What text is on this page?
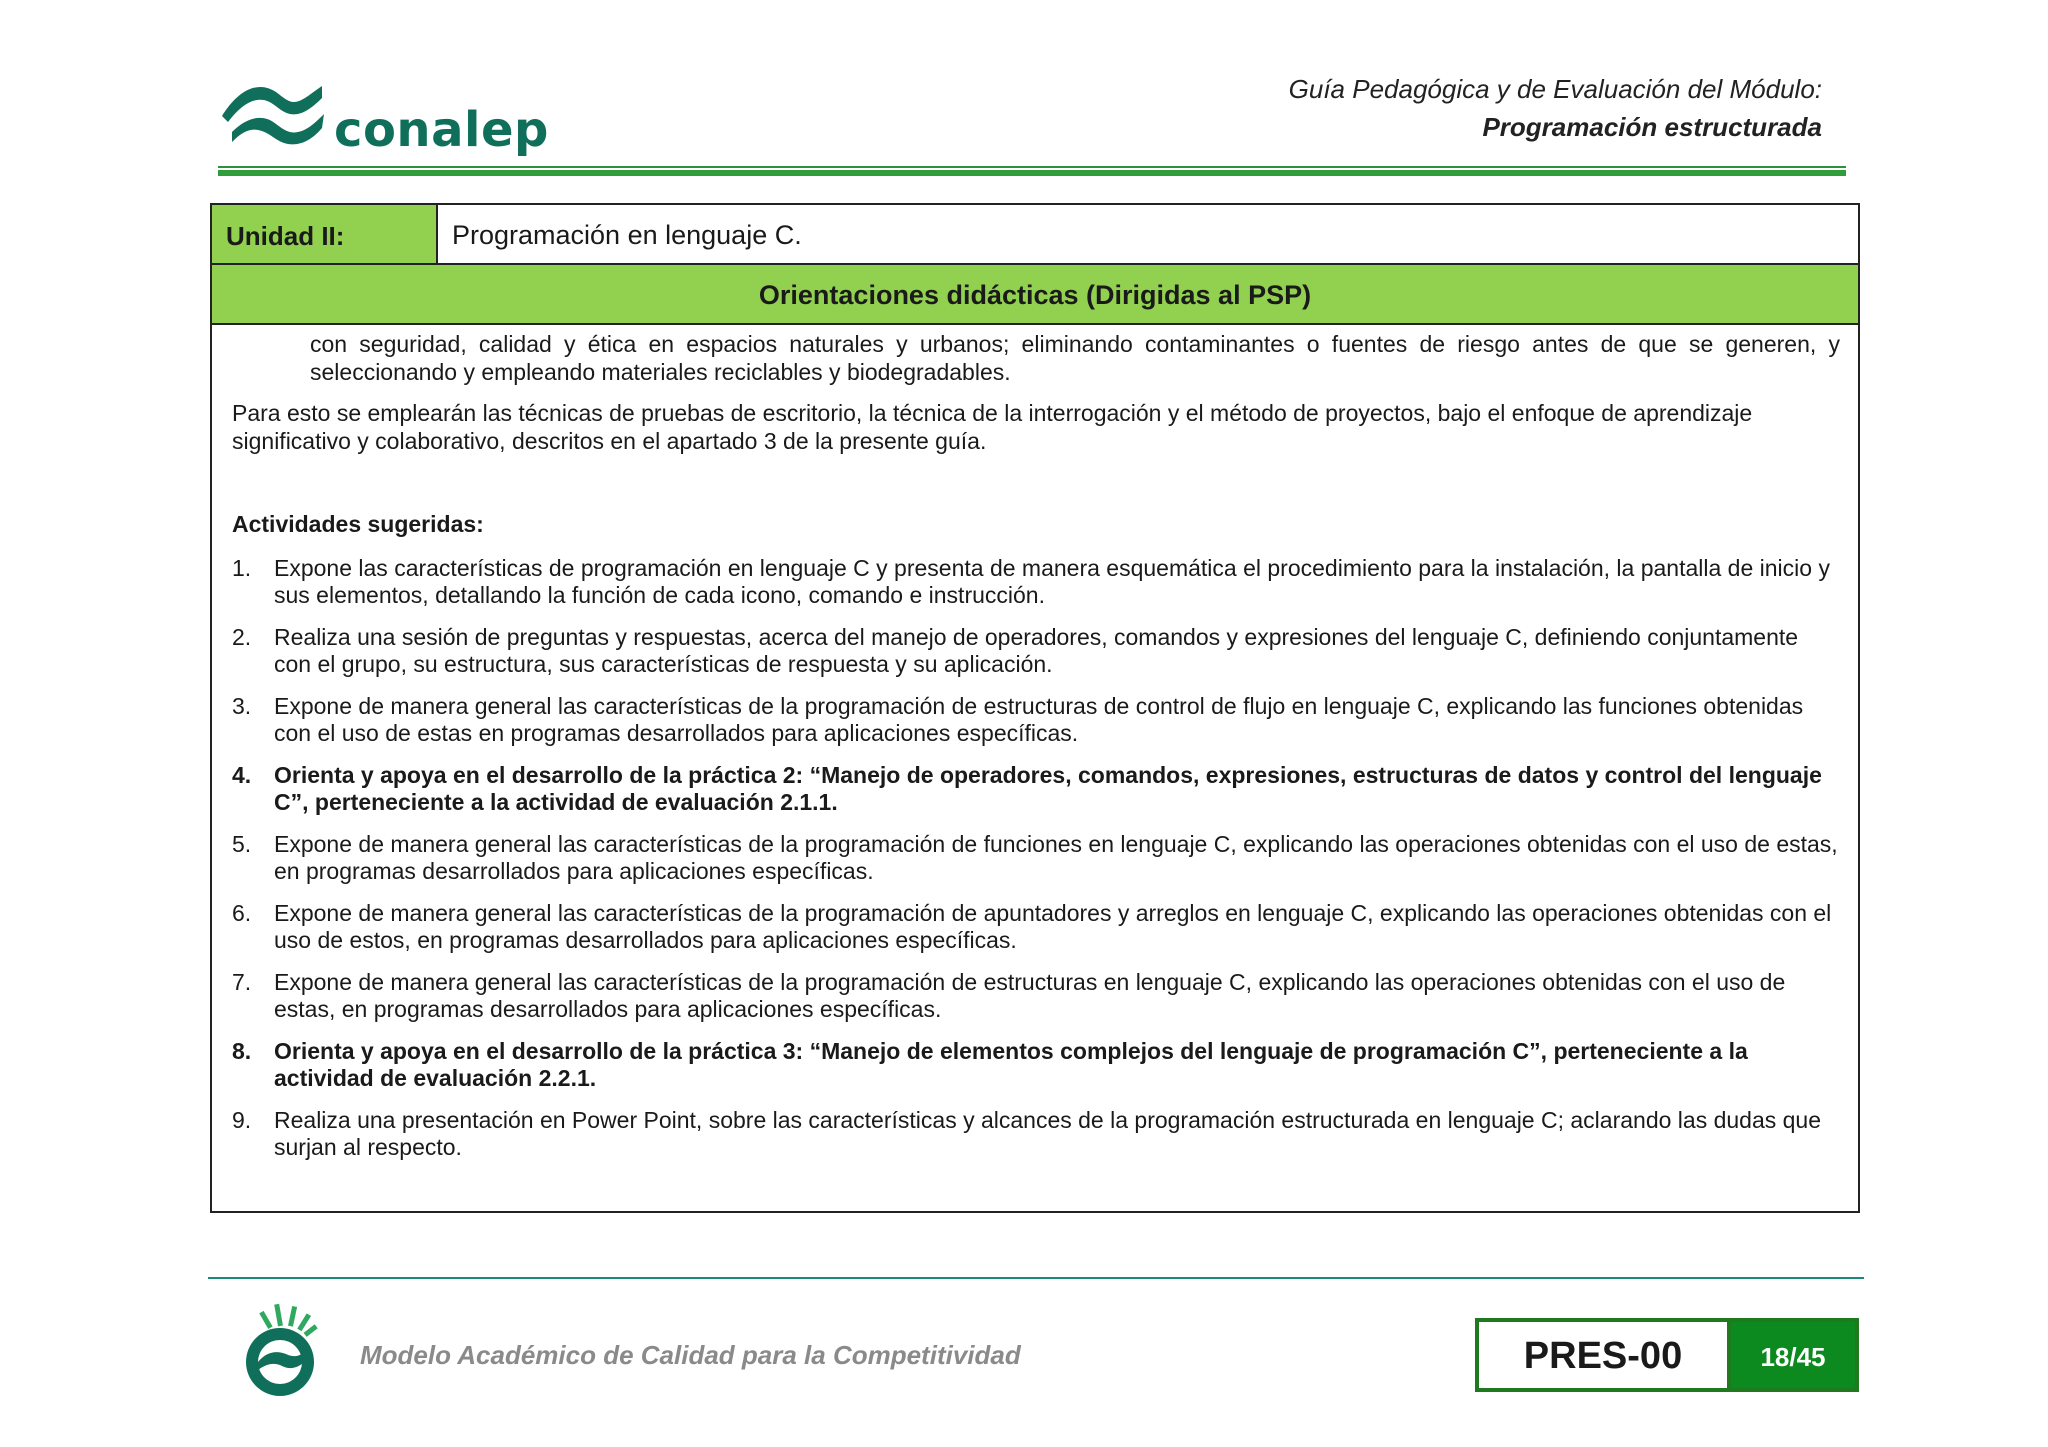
conalep
Guía Pedagógica y de Evaluación del Módulo:
Programación estructurada
Unidad II:	Programación en lenguaje C.
Orientaciones didácticas (Dirigidas al PSP)

con seguridad, calidad y ética en espacios naturales y urbanos; eliminando contaminantes o fuentes de riesgo antes de que se generen, y seleccionando y empleando materiales reciclables y biodegradables.

Para esto se emplearán las técnicas de pruebas de escritorio, la técnica de la interrogación y el método de proyectos, bajo el enfoque de aprendizaje significativo y colaborativo, descritos en el apartado 3 de la presente guía.

Actividades sugeridas:

1. Expone las características de programación en lenguaje C y presenta de manera esquemática el procedimiento para la instalación, la pantalla de inicio y sus elementos, detallando la función de cada icono, comando e instrucción.
2. Realiza una sesión de preguntas y respuestas, acerca del manejo de operadores, comandos y expresiones del lenguaje C, definiendo conjuntamente con el grupo, su estructura, sus características de respuesta y su aplicación.
3. Expone de manera general las características de la programación de estructuras de control de flujo en lenguaje C, explicando las funciones obtenidas con el uso de estas en programas desarrollados para aplicaciones específicas.
4. Orienta y apoya en el desarrollo de la práctica 2: “Manejo de operadores, comandos, expresiones, estructuras de datos y control del lenguaje C”, perteneciente a la actividad de evaluación 2.1.1.
5. Expone de manera general las características de la programación de funciones en lenguaje C, explicando las operaciones obtenidas con el uso de estas, en programas desarrollados para aplicaciones específicas.
6. Expone de manera general las características de la programación de apuntadores y arreglos en lenguaje C, explicando las operaciones obtenidas con el uso de estos, en programas desarrollados para aplicaciones específicas.
7. Expone de manera general las características de la programación de estructuras en lenguaje C, explicando las operaciones obtenidas con el uso de estas, en programas desarrollados para aplicaciones específicas.
8. Orienta y apoya en el desarrollo de la práctica 3: “Manejo de elementos complejos del lenguaje de programación C”, perteneciente a la actividad de evaluación 2.2.1.
9. Realiza una presentación en Power Point, sobre las características y alcances de la programación estructurada en lenguaje C; aclarando las dudas que surjan al respecto.
Modelo Académico de Calidad para la Competitividad	PRES-00	18/45
